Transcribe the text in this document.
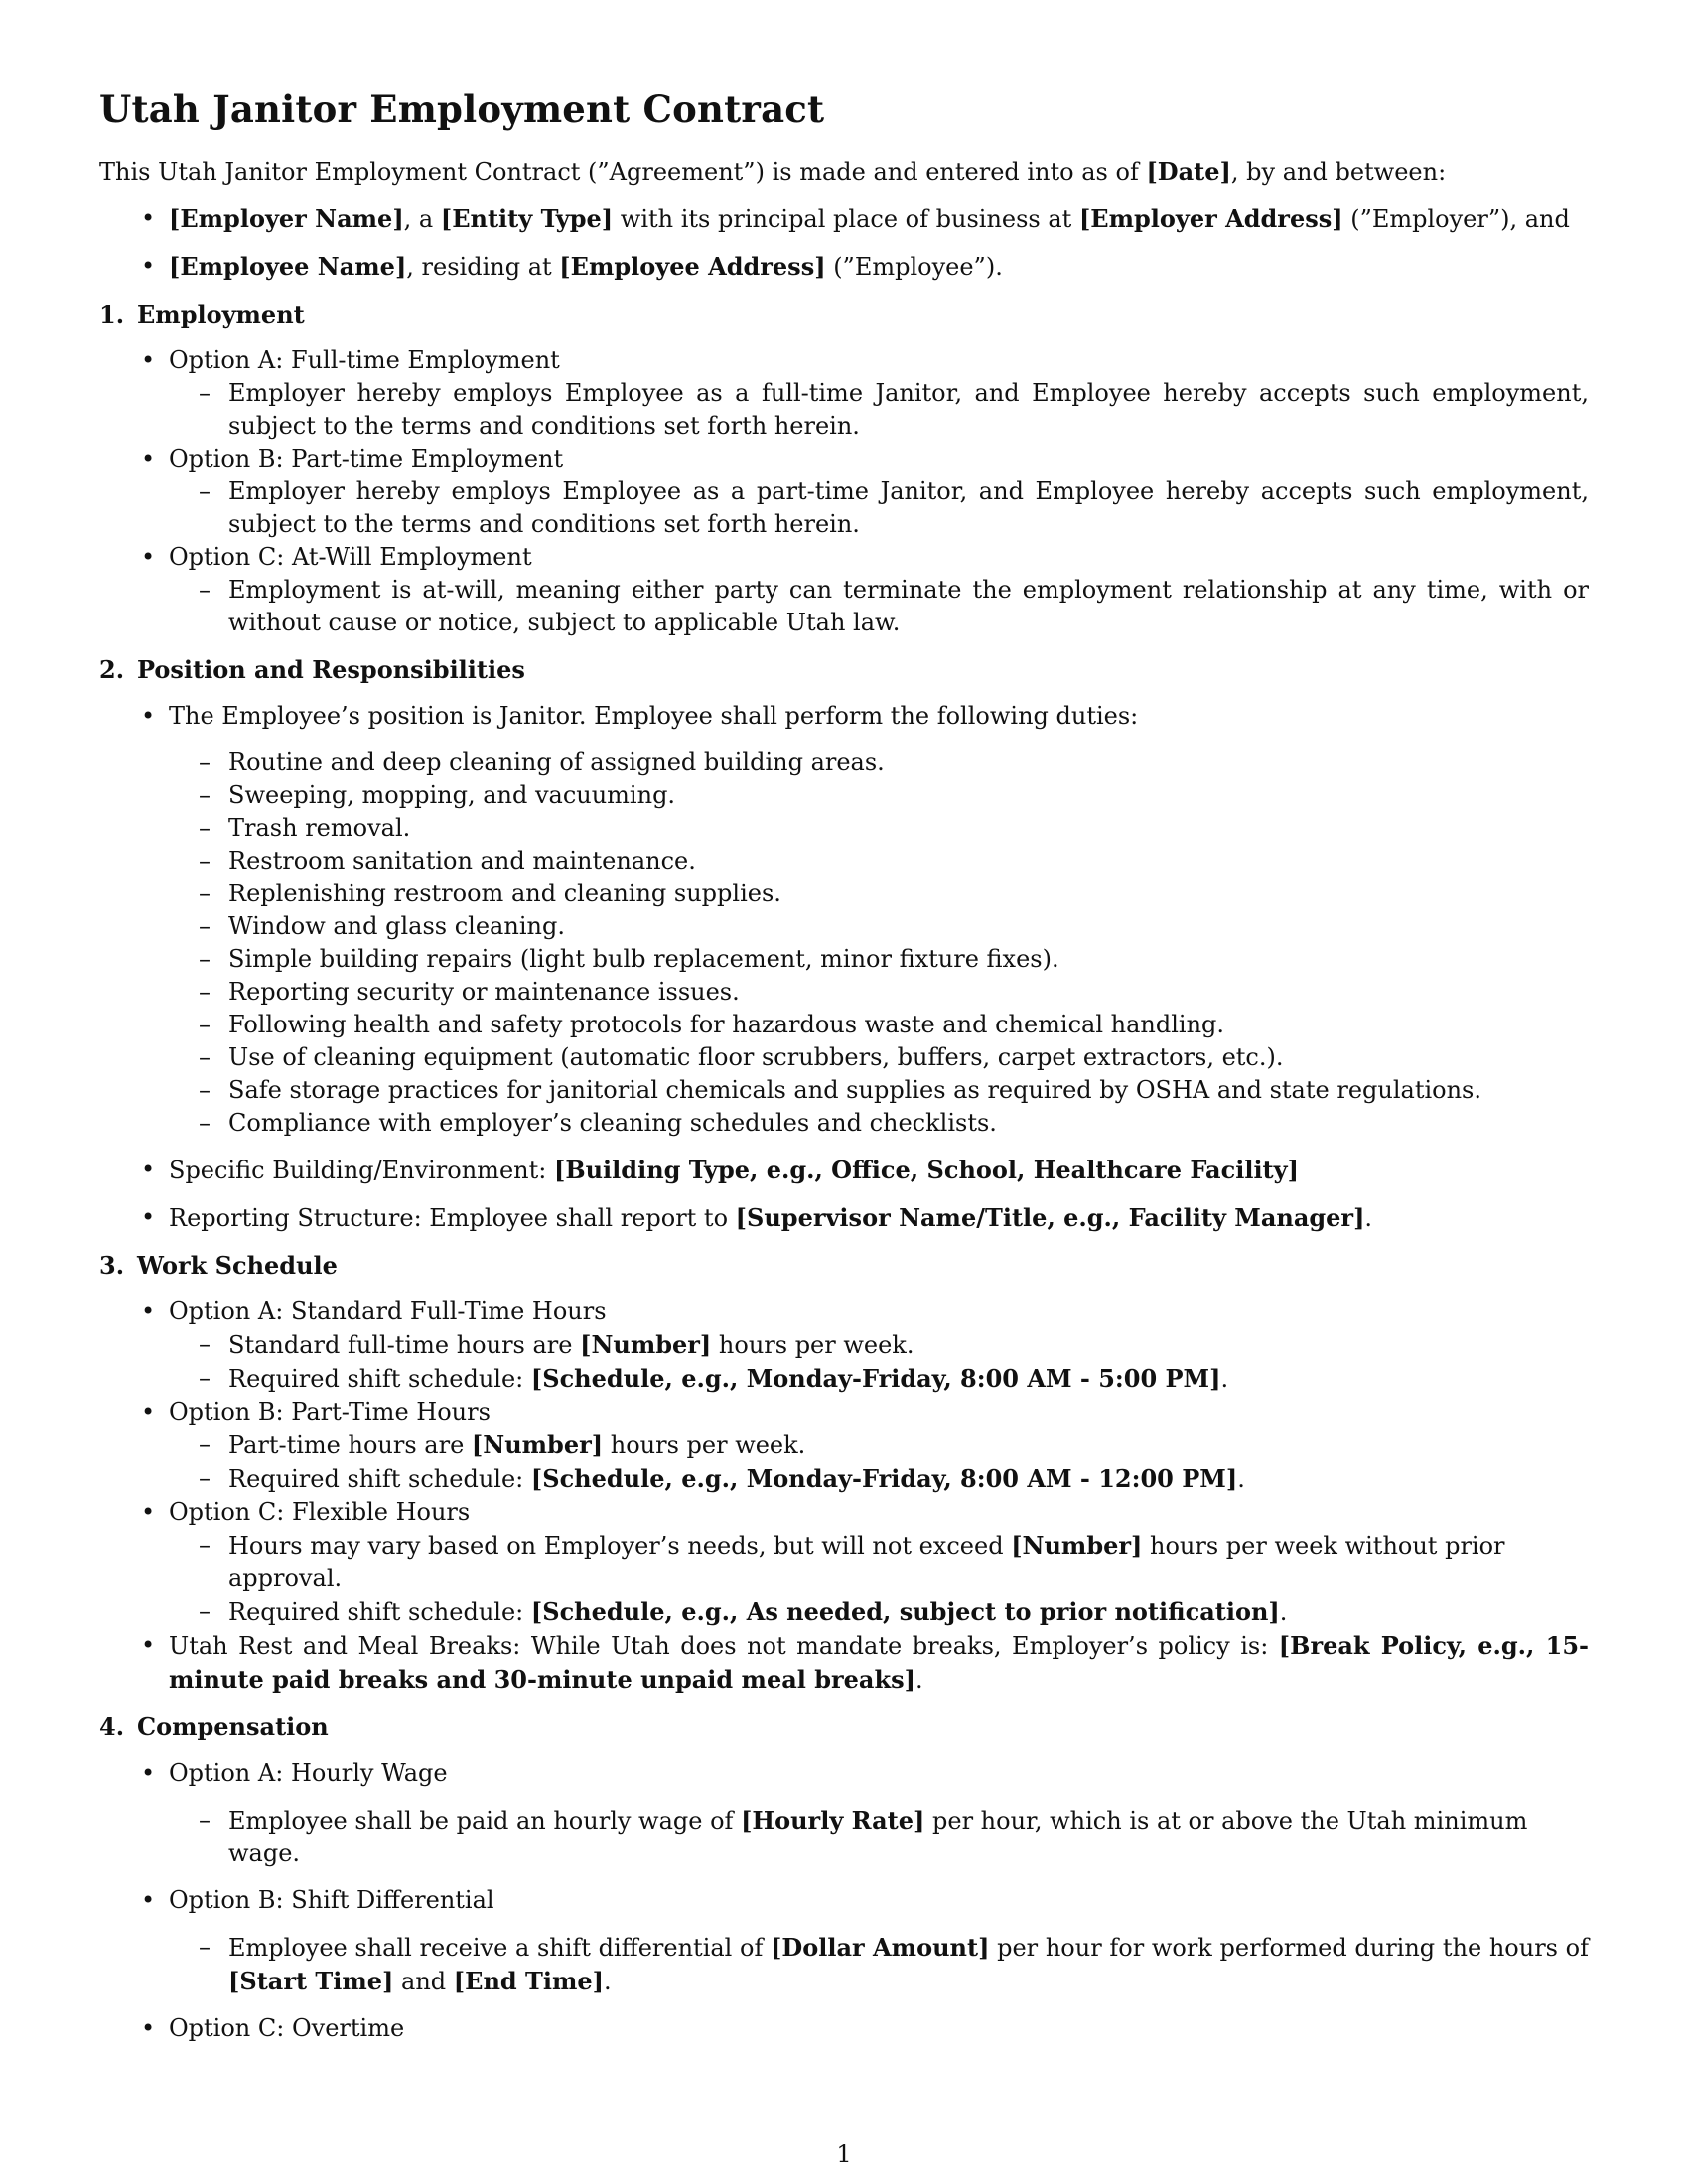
Utah Janitor Employment Contract

This Utah Janitor Employment Contract (”Agreement”) is made and entered into as of [Date], by and between:

• [Employer Name], a [Entity Type] with its principal place of business at [Employer Address] (”Employer”), and
• [Employee Name], residing at [Employee Address] (”Employee”).
1. Employment
• Option A: Full-time Employment
– Employer hereby employs Employee as a full-time Janitor, and Employee hereby accepts such employment, subject to the terms and conditions set forth herein.
• Option B: Part-time Employment
– Employer hereby employs Employee as a part-time Janitor, and Employee hereby accepts such employment, subject to the terms and conditions set forth herein.
• Option C: At-Will Employment
– Employment is at-will, meaning either party can terminate the employment relationship at any time, with or without cause or notice, subject to applicable Utah law.
2. Position and Responsibilities
• The Employee’s position is Janitor. Employee shall perform the following duties:
– Routine and deep cleaning of assigned building areas.
– Sweeping, mopping, and vacuuming.
– Trash removal.
– Restroom sanitation and maintenance.
– Replenishing restroom and cleaning supplies.
– Window and glass cleaning.
– Simple building repairs (light bulb replacement, minor fixture fixes).
– Reporting security or maintenance issues.
– Following health and safety protocols for hazardous waste and chemical handling.
– Use of cleaning equipment (automatic floor scrubbers, buffers, carpet extractors, etc.).
– Safe storage practices for janitorial chemicals and supplies as required by OSHA and state regulations.
– Compliance with employer’s cleaning schedules and checklists.
• Specific Building/Environment: [Building Type, e.g., Office, School, Healthcare Facility]
• Reporting Structure: Employee shall report to [Supervisor Name/Title, e.g., Facility Manager].
3. Work Schedule
• Option A: Standard Full-Time Hours
– Standard full-time hours are [Number] hours per week.
– Required shift schedule: [Schedule, e.g., Monday-Friday, 8:00 AM - 5:00 PM].
• Option B: Part-Time Hours
– Part-time hours are [Number] hours per week.
– Required shift schedule: [Schedule, e.g., Monday-Friday, 8:00 AM - 12:00 PM].
• Option C: Flexible Hours
– Hours may vary based on Employer’s needs, but will not exceed [Number] hours per week without prior approval.
– Required shift schedule: [Schedule, e.g., As needed, subject to prior notification].
• Utah Rest and Meal Breaks: While Utah does not mandate breaks, Employer’s policy is: [Break Policy, e.g., 15-minute paid breaks and 30-minute unpaid meal breaks].
4. Compensation
• Option A: Hourly Wage
– Employee shall be paid an hourly wage of [Hourly Rate] per hour, which is at or above the Utah minimum wage.
• Option B: Shift Differential
– Employee shall receive a shift differential of [Dollar Amount] per hour for work performed during the hours of [Start Time] and [End Time].
• Option C: Overtime
1
